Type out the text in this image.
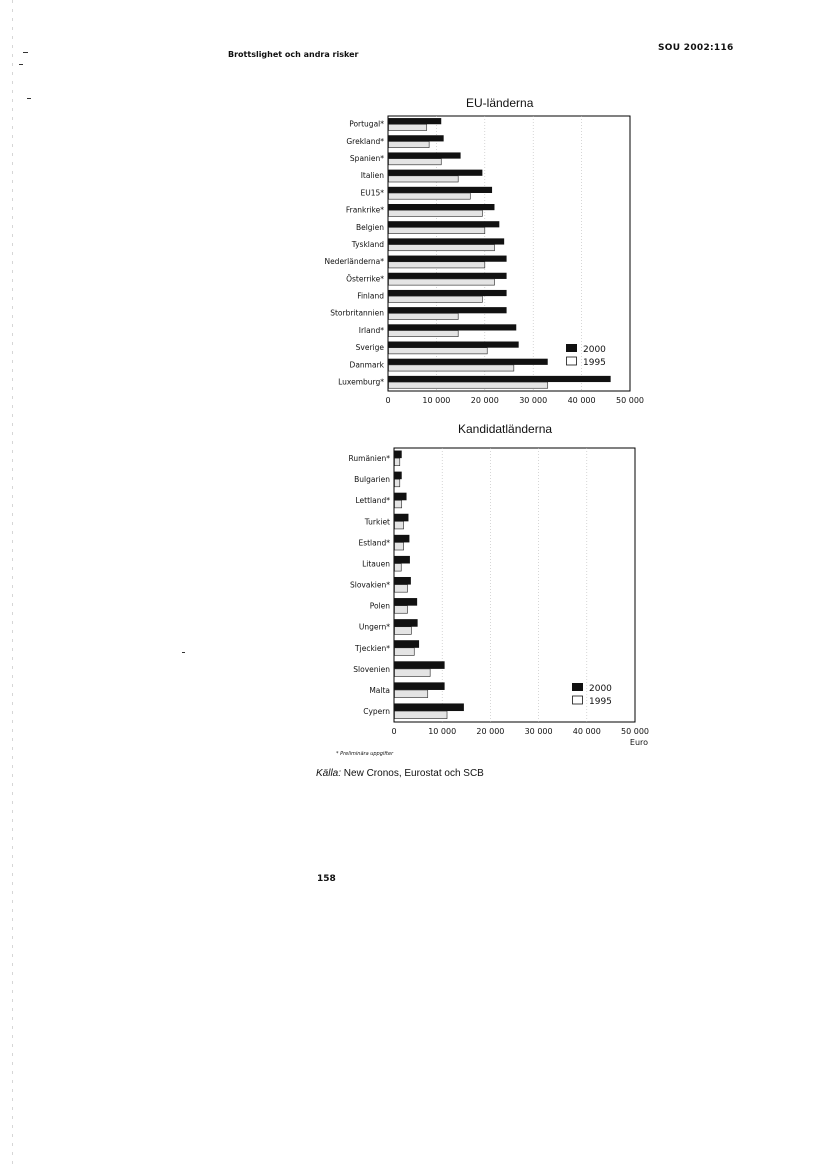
Brottslighet och andra risker
SOU 2002:116
EU-länderna
Kandidatländerna
0	10 000	20 000	30 000	40 000	50 000
Portugal*
Grekland*
Spanien*
Italien
EU15*
Frankrike*
Belgien
Tyskland
Nederländerna*
Österrike*
Finland
Storbritannien
Irland*
Sverige
Danmark
Luxemburg*
2000
1995
0	10 000	20 000	30 000	40 000	50 000
Rumänien*
Bulgarien
Lettland*
Turkiet
Estland*
Litauen
Slovakien*
Polen
Ungern*
Tjeckien*
Slovenien
Malta
Cypern
2000
1995
Euro
* Preliminära uppgifter
Källa: New Cronos, Eurostat och SCB
158
